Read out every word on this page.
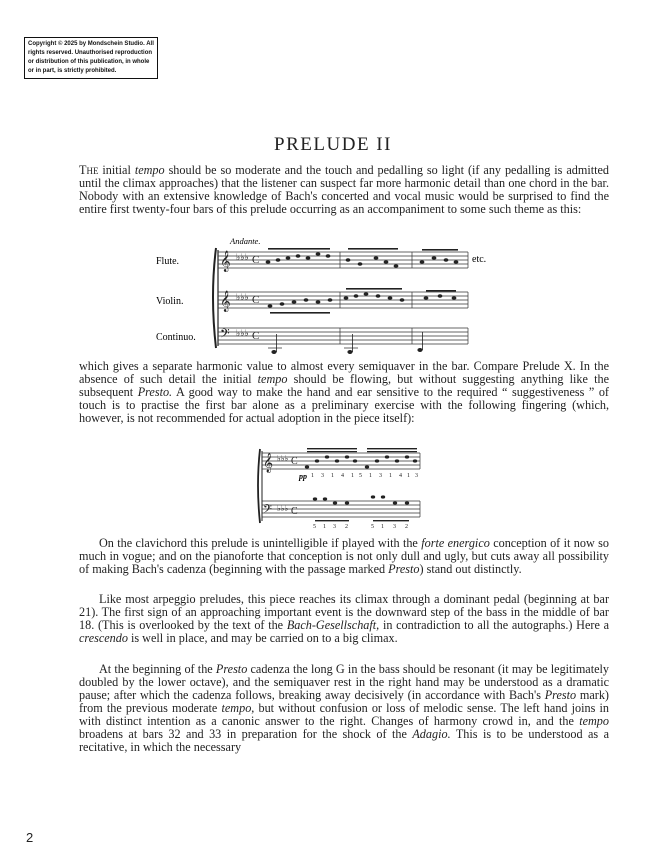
Copyright © 2025 by Mondschein Studio. All rights reserved. Unauthorised reproduction or distribution of this publication, in whole or in part, is strictly prohibited.
PRELUDE II

The initial tempo should be so moderate and the touch and pedalling so light (if any pedalling is admitted until the climax approaches) that the listener can suspect far more harmonic detail than one chord in the bar. Nobody with an extensive knowledge of Bach's concerted and vocal music would be surprised to find the entire first twenty-four bars of this prelude occurring as an accompaniment to some such theme as this:

Andante.
Flute.
Violin.
Continuo.
etc.
𝄞 ♭♭♭ C
𝄞 ♭♭♭ C
𝄢 ♭♭♭ C

which gives a separate harmonic value to almost every semiquaver in the bar. Compare Prelude X. In the absence of such detail the initial tempo should be flowing, but without suggesting anything like the subsequent Presto. A good way to make the hand and ear sensitive to the required “ suggestiveness ” of touch is to practise the first bar alone as a preliminary exercise with the following fingering (which, however, is not recommended for actual adoption in the piece itself):

𝄞 ♭♭♭ C
pp 1 3 1 4 1 5 1 3 1 4 1 3
𝄢 ♭♭♭ C
5 1 3 2	5 1 3 2

On the clavichord this prelude is unintelligible if played with the forte energico conception of it now so much in vogue; and on the pianoforte that conception is not only dull and ugly, but cuts away all possibility of making Bach's cadenza (beginning with the passage marked Presto) stand out distinctly.

Like most arpeggio preludes, this piece reaches its climax through a dominant pedal (beginning at bar 21). The first sign of an approaching important event is the downward step of the bass in the middle of bar 18. (This is overlooked by the text of the Bach-Gesellschaft, in contradiction to all the autographs.) Here a crescendo is well in place, and may be carried on to a big climax.

At the beginning of the Presto cadenza the long G in the bass should be resonant (it may be legitimately doubled by the lower octave), and the semiquaver rest in the right hand may be understood as a dramatic pause; after which the cadenza follows, breaking away decisively (in accordance with Bach's Presto mark) from the previous moderate tempo, but without confusion or loss of melodic sense. The left hand joins in with distinct intention as a canonic answer to the right. Changes of harmony crowd in, and the tempo broadens at bars 32 and 33 in preparation for the shock of the Adagio. This is to be understood as a recitative, in which the necessary

2
